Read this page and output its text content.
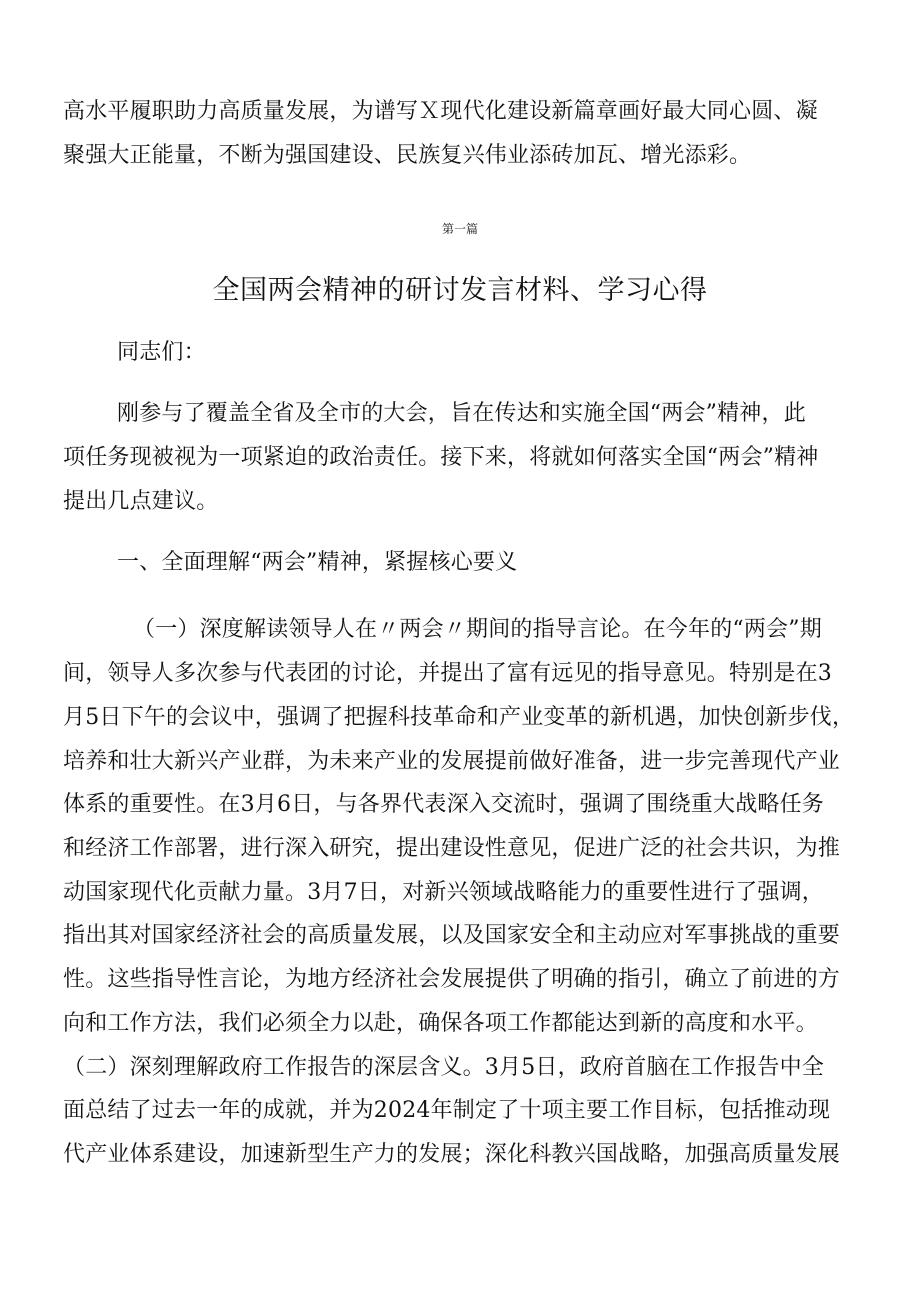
高水平履职助力高质量发展，为谱写Ｘ现代化建设新篇章画好最大同心圆、凝
聚强大正能量，不断为强国建设、民族复兴伟业添砖加瓦、增光添彩。
第一篇
全国两会精神的研讨发言材料、学习心得
同志们：
刚参与了覆盖全省及全市的大会，旨在传达和实施全国“两会”精神，此
项任务现被视为一项紧迫的政治责任。接下来，将就如何落实全国“两会”精神
提出几点建议。
一、全面理解“两会”精神，紧握核心要义
（一）深度解读领导人在〃两会〃期间的指导言论。在今年的“两会”期
间，领导人多次参与代表团的讨论，并提出了富有远见的指导意见。特别是在3
月5日下午的会议中，强调了把握科技革命和产业变革的新机遇，加快创新步伐，
培养和壮大新兴产业群，为未来产业的发展提前做好准备，进一步完善现代产业
体系的重要性。在3月6日，与各界代表深入交流时，强调了围绕重大战略任务
和经济工作部署，进行深入研究，提出建设性意见，促进广泛的社会共识，为推
动国家现代化贡献力量。3月7日，对新兴领域战略能力的重要性进行了强调，
指出其对国家经济社会的高质量发展，以及国家安全和主动应对军事挑战的重要
性。这些指导性言论，为地方经济社会发展提供了明确的指引，确立了前进的方
向和工作方法，我们必须全力以赴，确保各项工作都能达到新的高度和水平。
（二）深刻理解政府工作报告的深层含义。3月5日，政府首脑在工作报告中全
面总结了过去一年的成就，并为2024年制定了十项主要工作目标，包括推动现
代产业体系建设，加速新型生产力的发展；深化科教兴国战略，加强高质量发展
